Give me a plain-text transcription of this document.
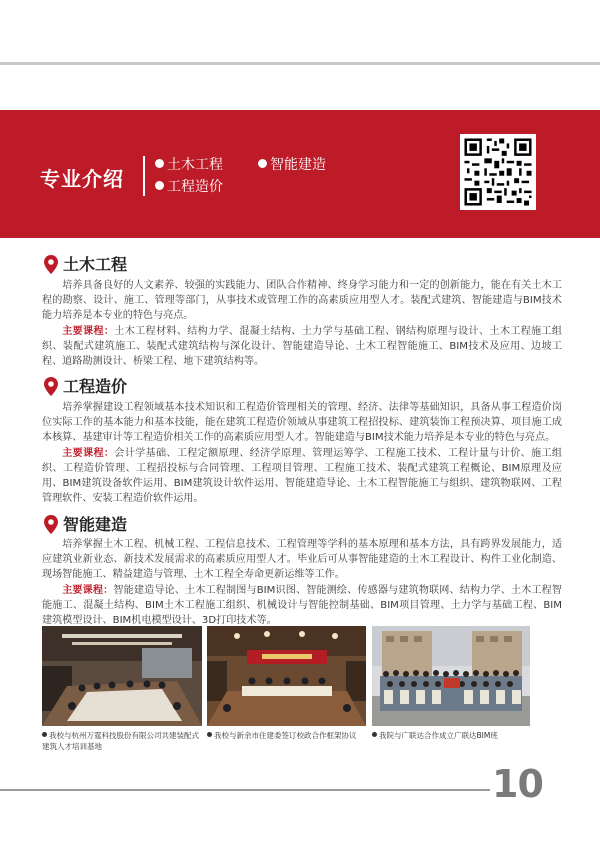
专业介绍
土木工程	智能建造
工程造价
土木工程

培养具备良好的人文素养、较强的实践能力、团队合作精神、终身学习能力和一定的创新能力，能在有关土木工程的勘察、设计、施工、管理等部门，从事技术或管理工作的高素质应用型人才。装配式建筑、智能建造与BIM技术能力培养是本专业的特色与亮点。

主要课程：土木工程材料、结构力学、混凝土结构、土力学与基础工程、钢结构原理与设计、土木工程施工组织、装配式建筑施工、装配式建筑结构与深化设计、智能建造导论、土木工程智能施工、BIM技术及应用、边坡工程、道路勘测设计、桥梁工程、地下建筑结构等。

工程造价

培养掌握建设工程领域基本技术知识和工程造价管理相关的管理、经济、法律等基础知识，具备从事工程造价岗位实际工作的基本能力和基本技能，能在建筑工程造价领域从事建筑工程招投标、建筑装饰工程预决算、项目施工成本核算、基建审计等工程造价相关工作的高素质应用型人才。智能建造与BIM技术能力培养是本专业的特色与亮点。

主要课程：会计学基础、工程定额原理、经济学原理、管理运筹学、工程施工技术、工程计量与计价、施工组织、工程造价管理、工程招投标与合同管理、工程项目管理、工程施工技术、装配式建筑工程概论、BIM原理及应用、BIM建筑设备软件运用、BIM建筑设计软件运用、智能建造导论、土木工程智能施工与组织、建筑物联网、工程管理软件、安装工程造价软件运用。

智能建造

培养掌握土木工程、机械工程、工程信息技术、工程管理等学科的基本原理和基本方法，具有跨界发展能力，适应建筑业新业态、新技术发展需求的高素质应用型人才。毕业后可从事智能建造的土木工程设计、构件工业化制造、现场智能施工、精益建造与管理、土木工程全寿命更新运维等工作。

主要课程：智能建造导论、土木工程制图与BIM识图、智能测绘、传感器与建筑物联网、结构力学、土木工程智能施工、混凝土结构、BIM土木工程施工组织、机械设计与智能控制基础、BIM项目管理、土力学与基础工程、BIM建筑模型设计、BIM机电模型设计、3D打印技术等。

我校与杭州万霆科技股份有限公司共建装配式建筑人才培训基地
我校与新余市住建委签订校政合作框架协议	我院与广联达合作成立广联达BIM班
10
